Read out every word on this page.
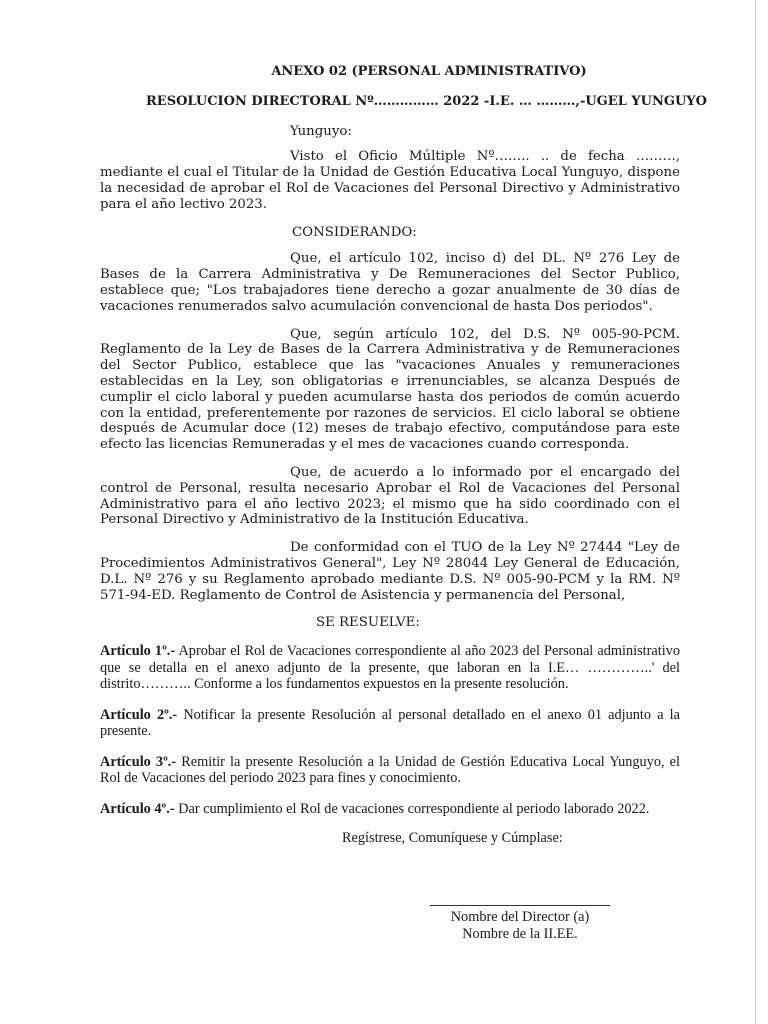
ANEXO 02 (PERSONAL ADMINISTRATIVO)
RESOLUCION DIRECTORAL Nº…………… 2022 -I.E. … ………,-UGEL YUNGUYO
Yunguyo:

Visto el Oficio Múltiple Nº…….. .. de fecha ………, mediante el cual el Titular de la Unidad de Gestión Educativa Local Yunguyo, dispone la necesidad de aprobar el Rol de Vacaciones del Personal Directivo y Administrativo para el año lectivo 2023.

CONSIDERANDO:

Que, el artículo 102, inciso d) del DL. Nº 276 Ley de Bases de la Carrera Administrativa y De Remuneraciones del Sector Publico, establece que; "Los trabajadores tiene derecho a gozar anualmente de 30 días de vacaciones renumerados salvo acumulación convencional de hasta Dos periodos".

Que, según artículo 102, del D.S. Nº 005-90-PCM. Reglamento de la Ley de Bases de la Carrera Administrativa y de Remuneraciones del Sector Publico, establece que las "vacaciones Anuales y remuneraciones establecidas en la Ley, son obligatorias e irrenunciables, se alcanza Después de cumplir el ciclo laboral y pueden acumularse hasta dos periodos de común acuerdo con la entidad, preferentemente por razones de servicios. El ciclo laboral se obtiene después de Acumular doce (12) meses de trabajo efectivo, computándose para este efecto las licencias Remuneradas y el mes de vacaciones cuando corresponda.

Que, de acuerdo a lo informado por el encargado del control de Personal, resulta necesario Aprobar el Rol de Vacaciones del Personal Administrativo para el año lectivo 2023; el mismo que ha sido coordinado con el Personal Directivo y Administrativo de la Institución Educativa.

De conformidad con el TUO de la Ley Nº 27444 "Ley de Procedimientos Administrativos General", Ley Nº 28044 Ley General de Educación, D.L. Nº 276 y su Reglamento aprobado mediante D.S. Nº 005-90-PCM y la RM. Nº 571-94-ED. Reglamento de Control de Asistencia y permanencia del Personal,

SE RESUELVE:

Artículo 1º.- Aprobar el Rol de Vacaciones correspondiente al año 2023 del Personal administrativo que se detalla en el anexo adjunto de la presente, que laboran en la I.E… …………..' del distrito……….. Conforme a los fundamentos expuestos en la presente resolución.

Artículo 2º.- Notificar la presente Resolución al personal detallado en el anexo 01 adjunto a la presente.

Artículo 3º.- Remitir la presente Resolución a la Unidad de Gestión Educativa Local Yunguyo, el Rol de Vacaciones del periodo 2023 para fines y conocimiento.

Artículo 4º.- Dar cumplimiento el Rol de vacaciones correspondiente al periodo laborado 2022.

Regístrese, Comuníquese y Cúmplase:
Nombre del Director (a)
Nombre de la II.EE.
